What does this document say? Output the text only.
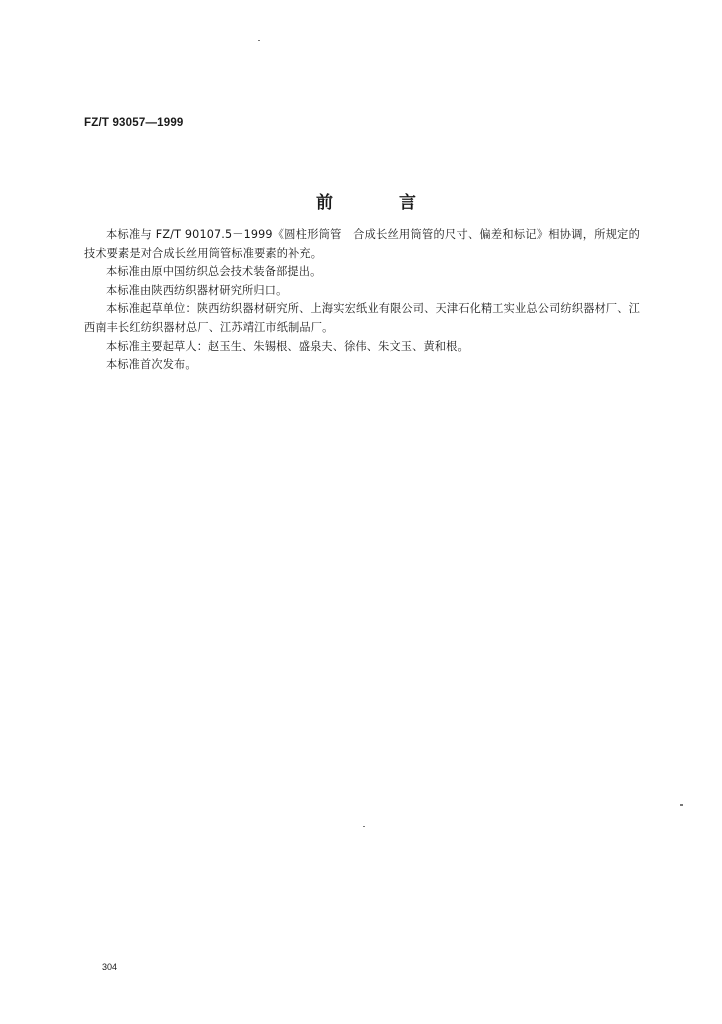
FZ/T 93057—1999
前	言

本标准与 FZ/T 90107.5－1999《圆柱形筒管　合成长丝用筒管的尺寸、偏差和标记》相协调，所规定的技术要素是对合成长丝用筒管标准要素的补充。

本标准由原中国纺织总会技术装备部提出。

本标准由陕西纺织器材研究所归口。

本标准起草单位：陕西纺织器材研究所、上海实宏纸业有限公司、天津石化精工实业总公司纺织器材厂、江西南丰长红纺织器材总厂、江苏靖江市纸制品厂。

本标准主要起草人：赵玉生、朱锡根、盛泉夫、徐伟、朱文玉、黄和根。

本标准首次发布。

304
